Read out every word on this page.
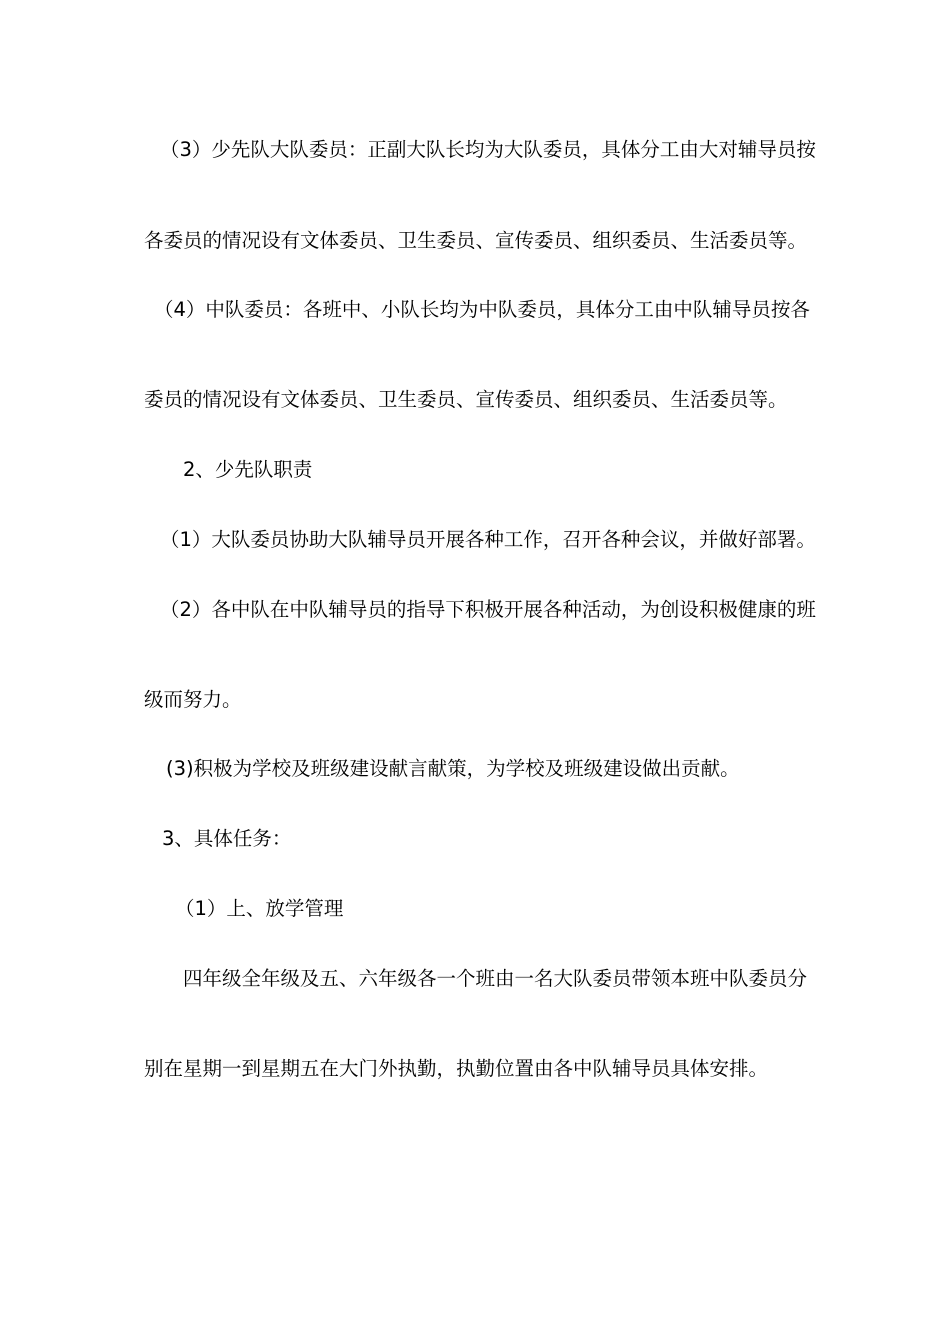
（3）少先队大队委员：正副大队长均为大队委员，具体分工由大对辅导员按
各委员的情况设有文体委员、卫生委员、宣传委员、组织委员、生活委员等。
（4）中队委员：各班中、小队长均为中队委员，具体分工由中队辅导员按各
委员的情况设有文体委员、卫生委员、宣传委员、组织委员、生活委员等。
2、少先队职责
（1）大队委员协助大队辅导员开展各种工作，召开各种会议，并做好部署。
（2）各中队在中队辅导员的指导下积极开展各种活动，为创设积极健康的班
级而努力。
(3)积极为学校及班级建设献言献策，为学校及班级建设做出贡献。
3、具体任务：
（1）上、放学管理
四年级全年级及五、六年级各一个班由一名大队委员带领本班中队委员分
别在星期一到星期五在大门外执勤，执勤位置由各中队辅导员具体安排。
